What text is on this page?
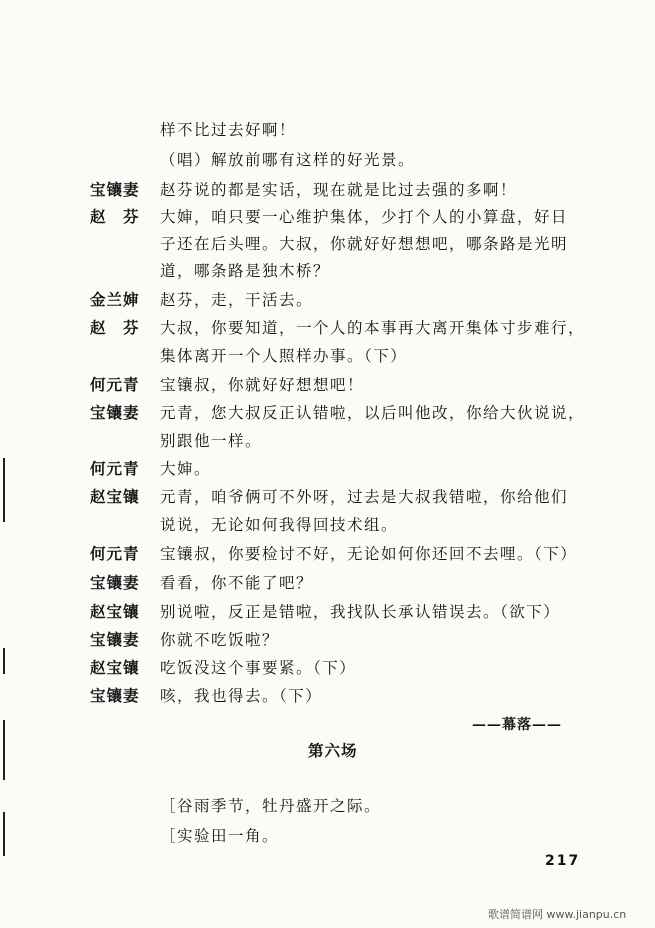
样不比过去好啊！
（唱）解放前哪有这样的好光景。
宝镶妻 赵芬说的都是实话，现在就是比过去强的多啊！
赵　芬 大婶，咱只要一心维护集体，少打个人的小算盘，好日
子还在后头哩。大叔，你就好好想想吧，哪条路是光明
道，哪条路是独木桥？
金兰婶 赵芬，走，干活去。
赵　芬 大叔，你要知道，一个人的本事再大离开集体寸步难行，
集体离开一个人照样办事。（下）
何元青 宝镶叔，你就好好想想吧！
宝镶妻 元青，您大叔反正认错啦，以后叫他改，你给大伙说说，
别跟他一样。
何元青 大婶。
赵宝镶 元青，咱爷俩可不外呀，过去是大叔我错啦，你给他们
说说，无论如何我得回技术组。
何元青 宝镶叔，你要检讨不好，无论如何你还回不去哩。（下）
宝镶妻 看看，你不能了吧？
赵宝镶 别说啦，反正是错啦，我找队长承认错误去。（欲下）
宝镶妻 你就不吃饭啦？
赵宝镶 吃饭没这个事要紧。（下）
宝镶妻 咳，我也得去。（下）
——幕落——
第六场
［谷雨季节，牡丹盛开之际。
［实验田一角。
217
歌谱简谱网 www.jianpu.cn
